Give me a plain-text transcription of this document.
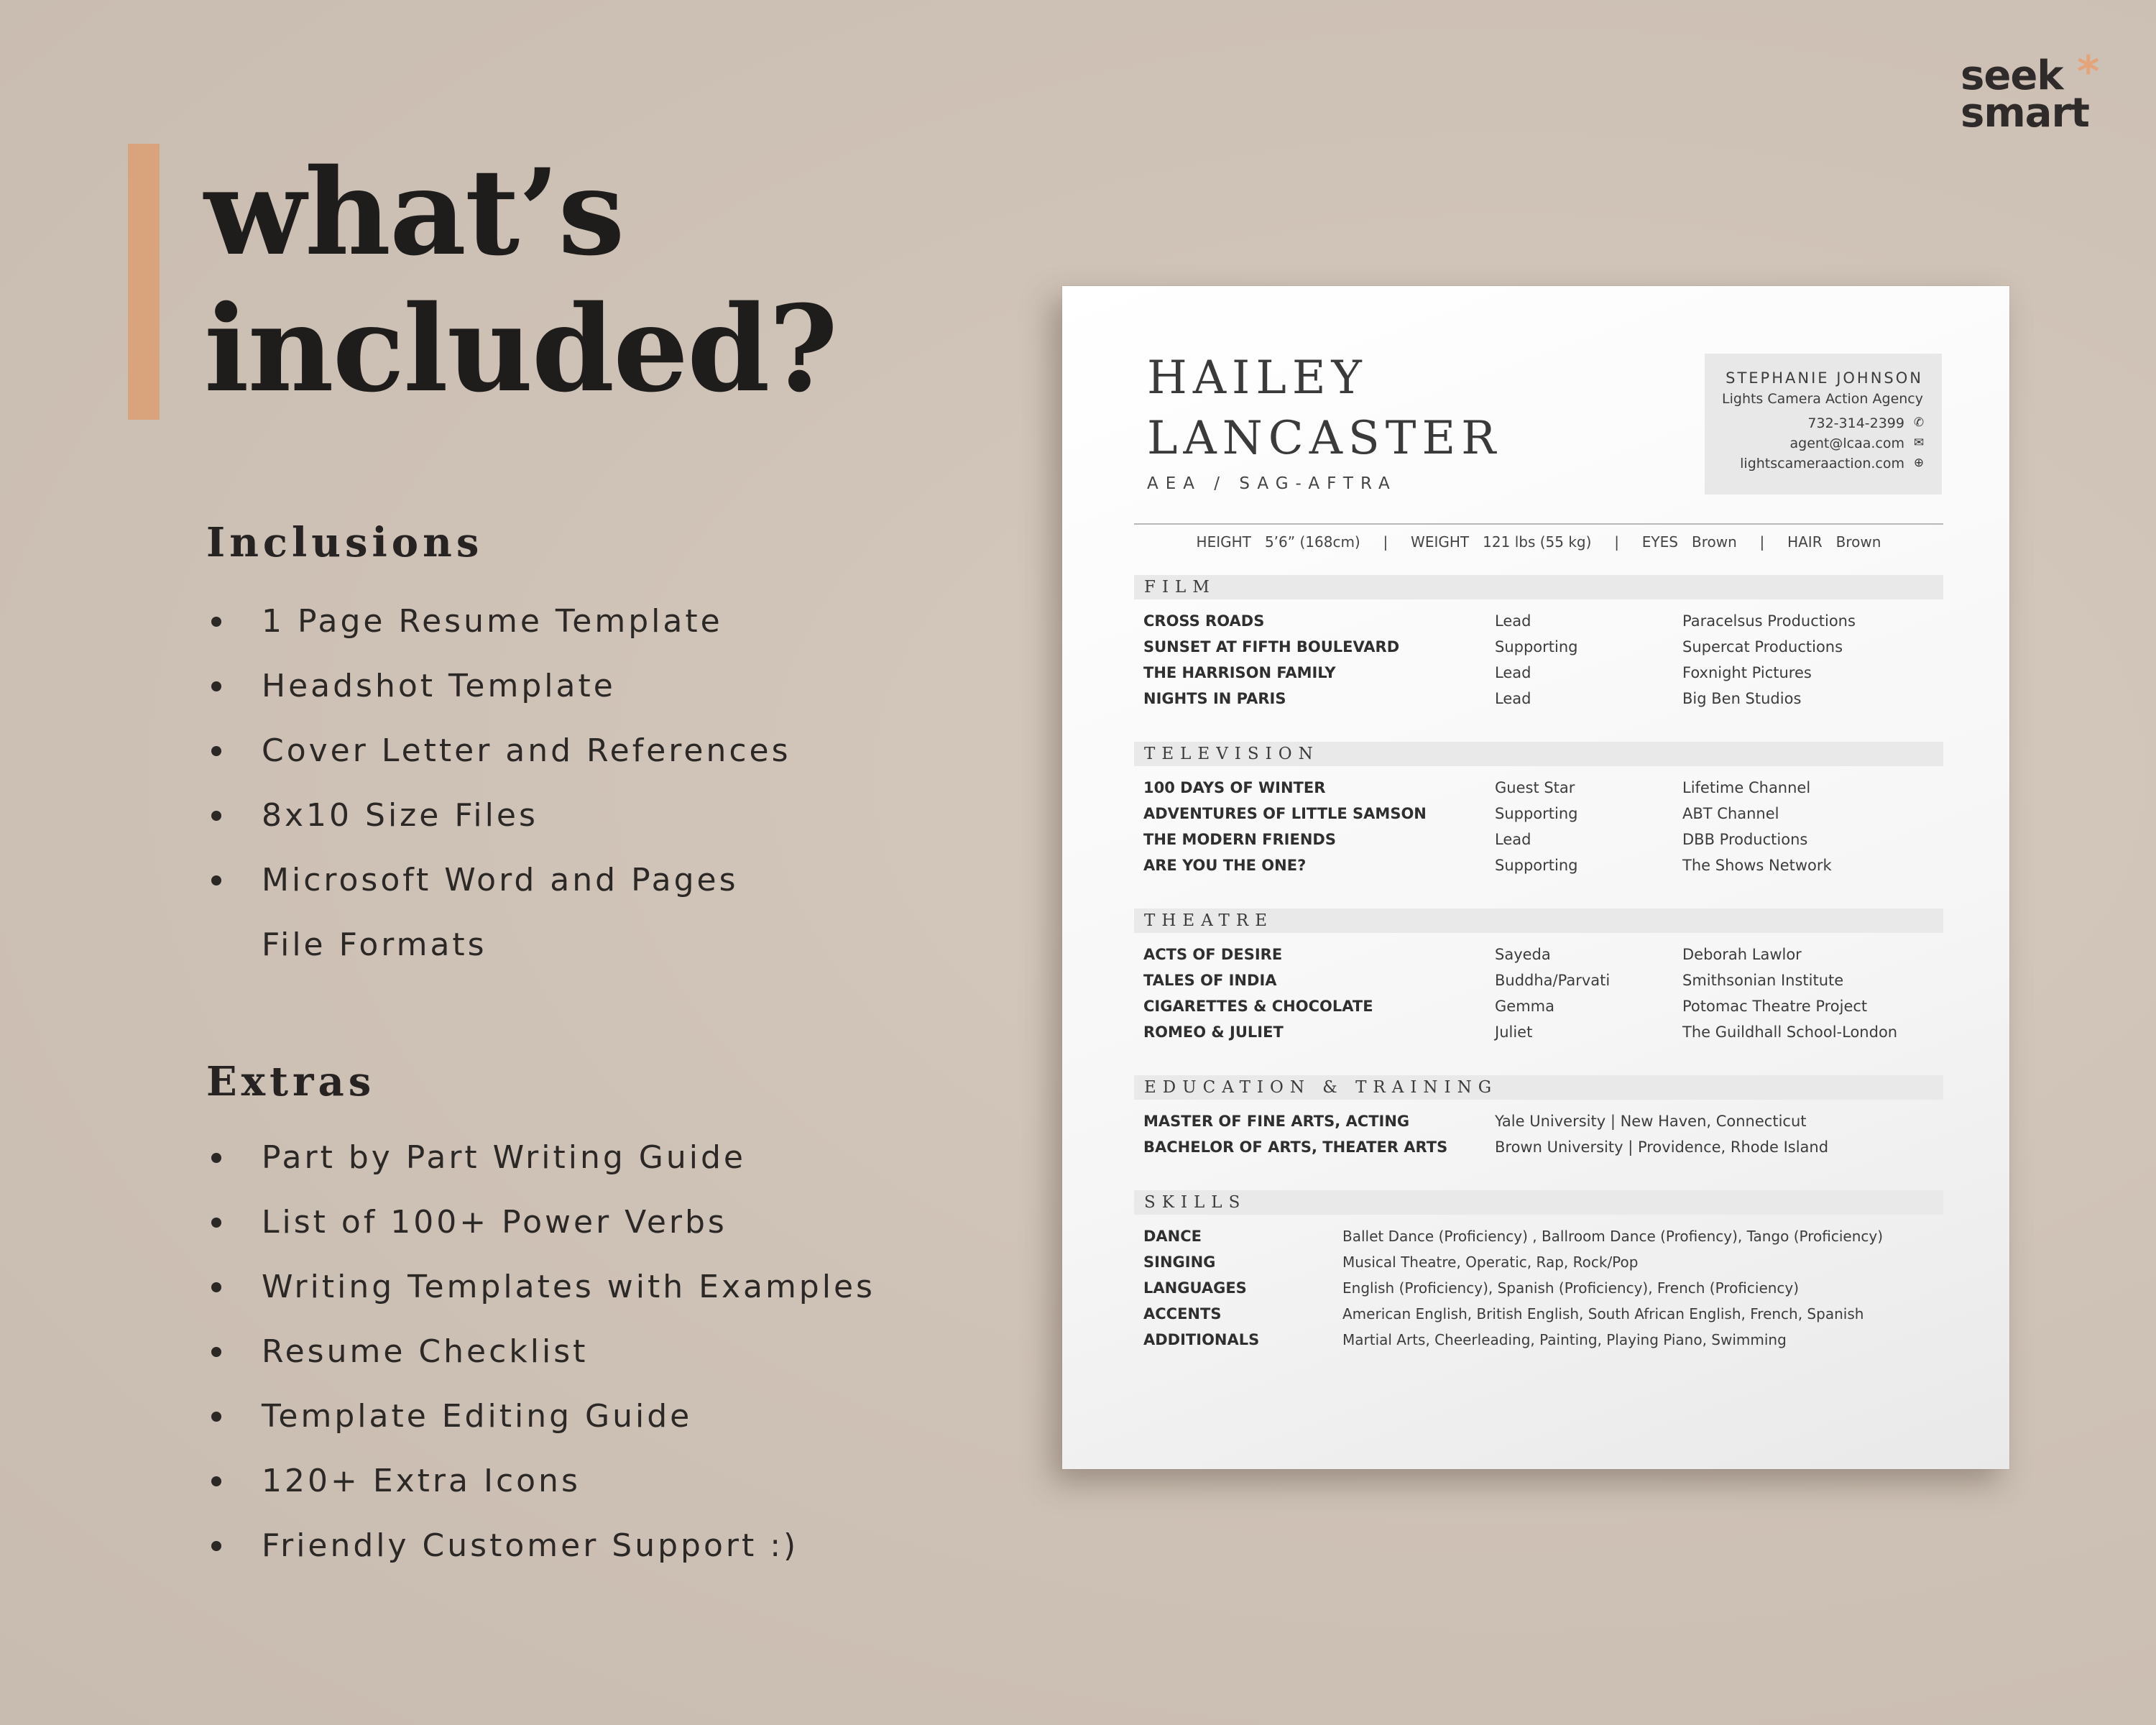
what’s
included?
seek
smart
*
Inclusions
1 Page Resume Template
Headshot Template
Cover Letter and References
8x10 Size Files
Microsoft Word and Pages
File Formats
Extras
Part by Part Writing Guide
List of 100+ Power Verbs
Writing Templates with Examples
Resume Checklist
Template Editing Guide
120+ Extra Icons
Friendly Customer Support :)
HAILEY
LANCASTER
AEA / SAG-AFTRA
STEPHANIE JOHNSON
Lights Camera Action Agency
732-314-2399 ✆
agent@lcaa.com ✉
lightscameraaction.com ⊕
HEIGHT   5’6” (168cm)     |     WEIGHT   121 lbs (55 kg)     |     EYES   Brown     |     HAIR   Brown
FILM
CROSS ROADS	Lead	Paracelsus Productions
SUNSET AT FIFTH BOULEVARD	Supporting	Supercat Productions
THE HARRISON FAMILY	Lead	Foxnight Pictures
NIGHTS IN PARIS	Lead	Big Ben Studios
TELEVISION
100 DAYS OF WINTER	Guest Star	Lifetime Channel
ADVENTURES OF LITTLE SAMSON	Supporting	ABT Channel
THE MODERN FRIENDS	Lead	DBB Productions
ARE YOU THE ONE?	Supporting	The Shows Network
THEATRE
ACTS OF DESIRE	Sayeda	Deborah Lawlor
TALES OF INDIA	Buddha/Parvati	Smithsonian Institute
CIGARETTES & CHOCOLATE	Gemma	Potomac Theatre Project
ROMEO & JULIET	Juliet	The Guildhall School-London
EDUCATION & TRAINING
MASTER OF FINE ARTS, ACTING	Yale University | New Haven, Connecticut
BACHELOR OF ARTS, THEATER ARTS	Brown University | Providence, Rhode Island
SKILLS
DANCE	Ballet Dance (Proficiency) , Ballroom Dance (Profiency), Tango (Proficiency)
SINGING	Musical Theatre, Operatic, Rap, Rock/Pop
LANGUAGES	English (Proficiency), Spanish (Proficiency), French (Proficiency)
ACCENTS	American English, British English, South African English, French, Spanish
ADDITIONALS	Martial Arts, Cheerleading, Painting, Playing Piano, Swimming
